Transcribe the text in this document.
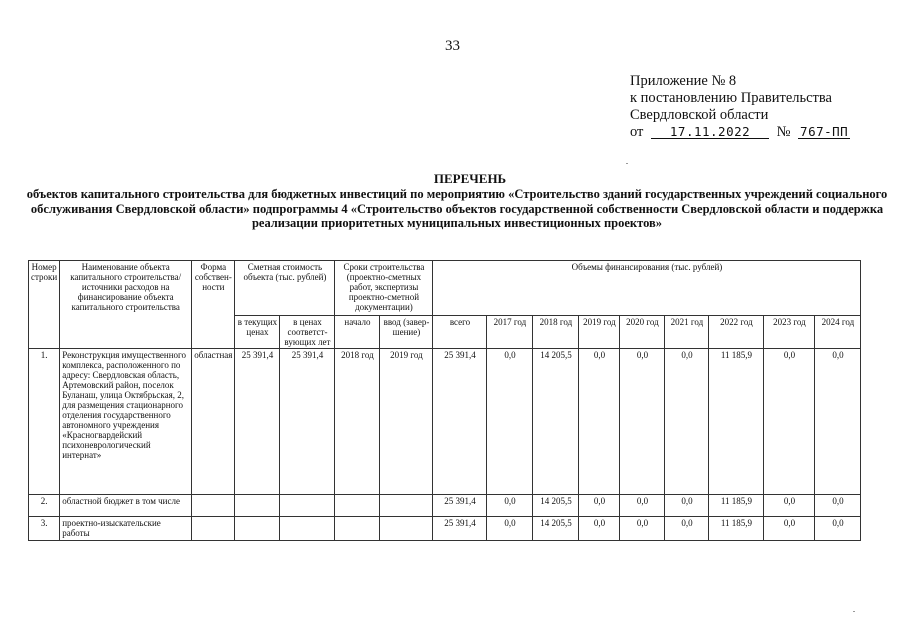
33
Приложение № 8
к постановлению Правительства
Свердловской области
от 17.11.2022 № 767-ПП
ПЕРЕЧЕНЬ
объектов капитального строительства для бюджетных инвестиций по мероприятию «Строительство зданий государственных учреждений социального обслуживания Свердловской области» подпрограммы 4 «Строительство объектов государственной собственности Свердловской области и поддержка реализации приоритетных муниципальных инвестиционных проектов»
Номер строки	Наименование объекта капитального строительства/ источники расходов на финансирование объекта капитального строительства	Форма собствен-ности	Сметная стоимость объекта (тыс. рублей)		Сроки строительства (проектно-сметных работ, экспертизы проектно-сметной документации)		Объемы финансирования (тыс. рублей)								
			в текущих ценах	в ценах соответст-вующих лет	начало	ввод (завер-шение)	всего	2017 год	2018 год	2019 год	2020 год	2021 год	2022 год	2023 год	2024 год
1.	Реконструкция имущественного комплекса, расположенного по адресу: Свердловская область, Артемовский район, поселок Буланаш, улица Октябрьская, 2, для размещения стационарного отделения государственного автономного учреждения «Красногвардейский психоневрологический интернат»	областная	25 391,4	25 391,4	2018 год	2019 год	25 391,4	0,0	14 205,5	0,0	0,0	0,0	11 185,9	0,0	0,0
2.	областной бюджет в том числе						25 391,4	0,0	14 205,5	0,0	0,0	0,0	11 185,9	0,0	0,0
3.	проектно-изыскательские работы						25 391,4	0,0	14 205,5	0,0	0,0	0,0	11 185,9	0,0	0,0
